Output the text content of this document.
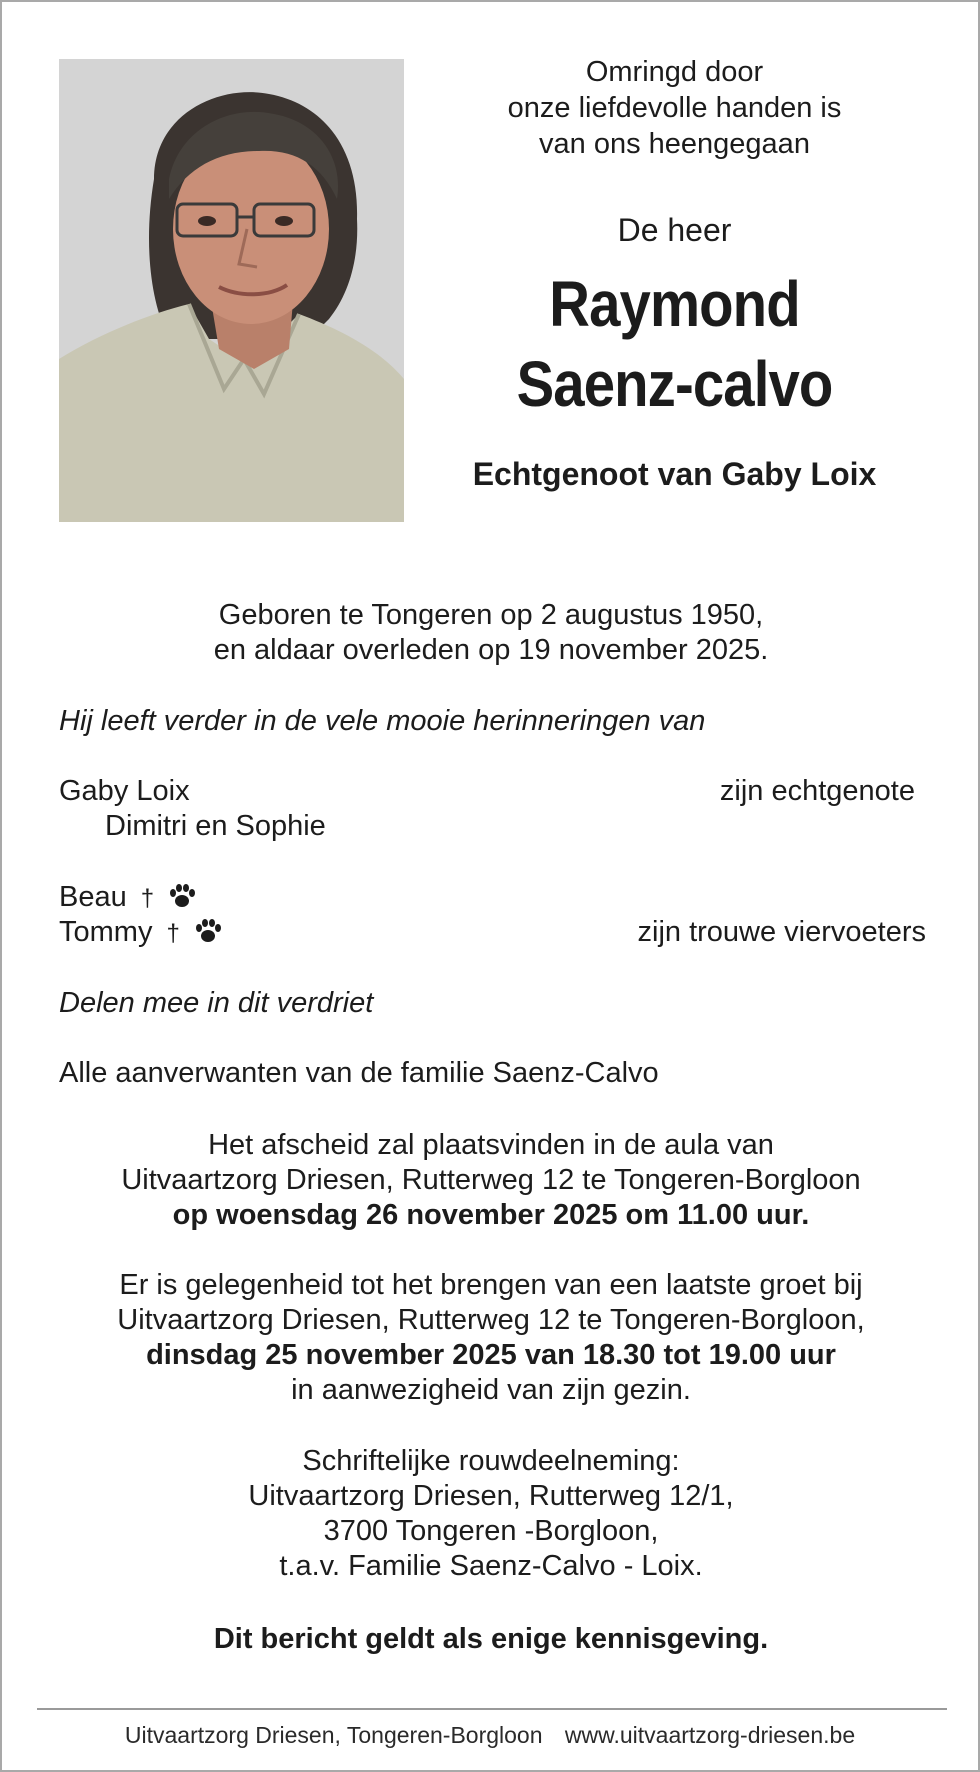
Omringd door
onze liefdevolle handen is
van ons heengegaan
De heer
Raymond
Saenz-calvo
Echtgenoot van Gaby Loix
Geboren te Tongeren op 2 augustus 1950,
en aldaar overleden op 19 november 2025.
Hij leeft verder in de vele mooie herinneringen van
Gaby Loix	zijn echtgenote
Dimitri en Sophie
Beau †
Tommy †	zijn trouwe viervoeters
Delen mee in dit verdriet
Alle aanverwanten van de familie Saenz-Calvo
Het afscheid zal plaatsvinden in de aula van
Uitvaartzorg Driesen, Rutterweg 12 te Tongeren-Borgloon
op woensdag 26 november 2025 om 11.00 uur.
Er is gelegenheid tot het brengen van een laatste groet bij
Uitvaartzorg Driesen, Rutterweg 12 te Tongeren-Borgloon,
dinsdag 25 november 2025 van 18.30 tot 19.00 uur
in aanwezigheid van zijn gezin.
Schriftelijke rouwdeelneming:
Uitvaartzorg Driesen, Rutterweg 12/1,
3700 Tongeren -Borgloon,
t.a.v. Familie Saenz-Calvo - Loix.
Dit bericht geldt als enige kennisgeving.
Uitvaartzorg Driesen, Tongeren-Borgloon www.uitvaartzorg-driesen.be
